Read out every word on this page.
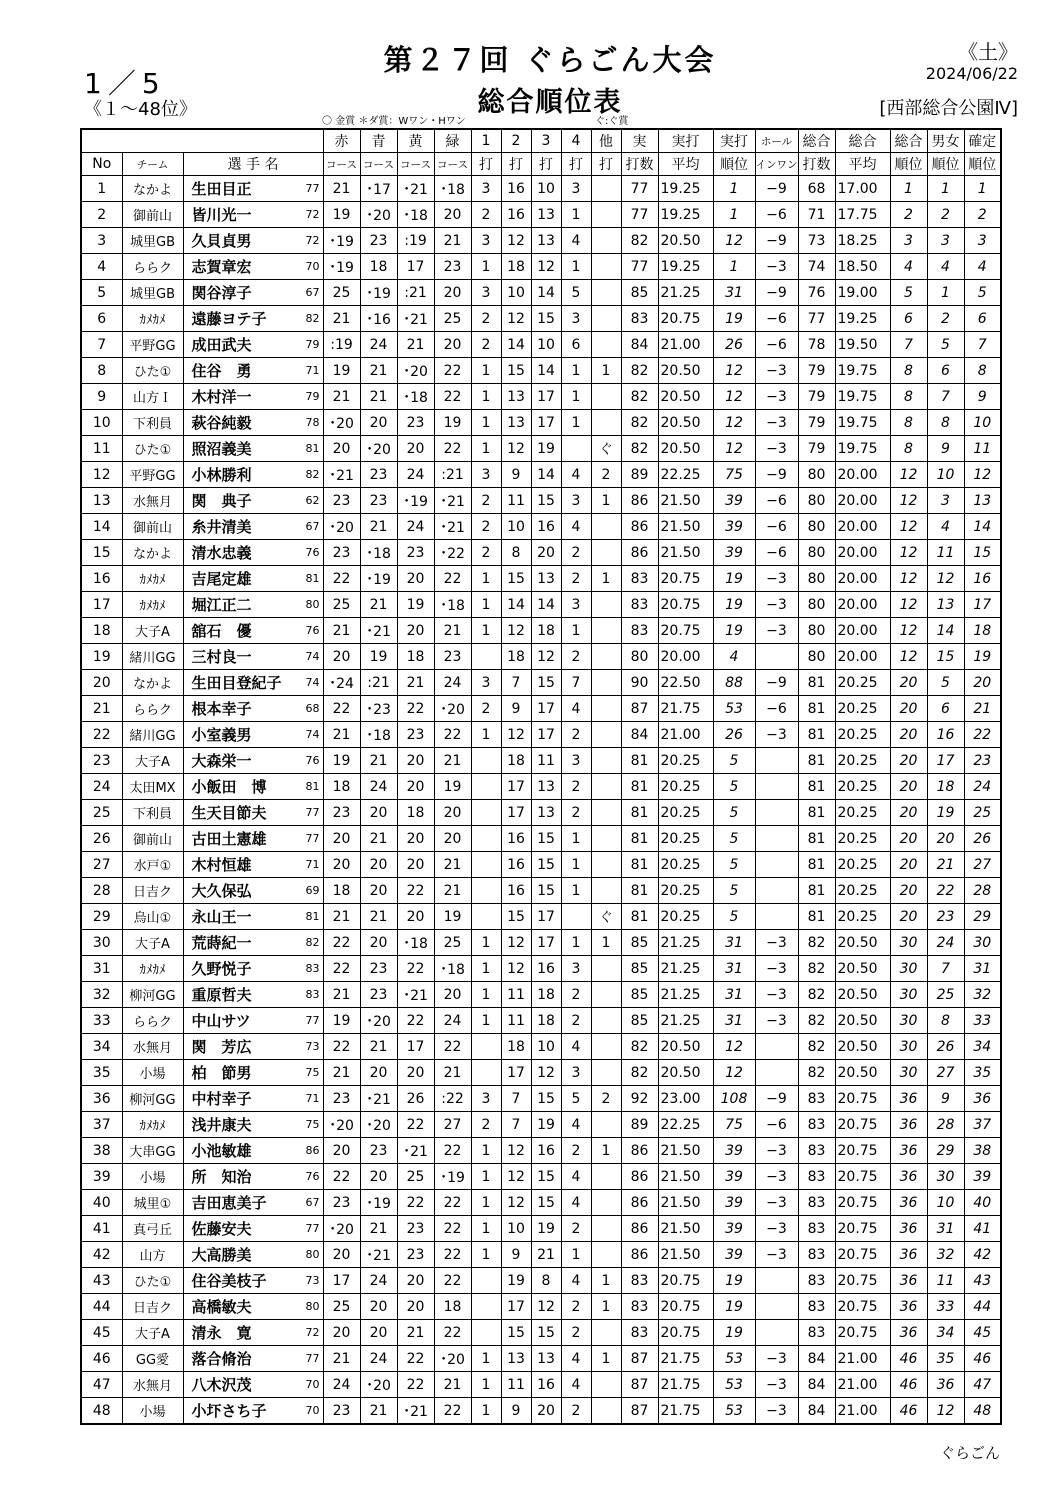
1／5
《１～48位》
第２７回 ぐらごん大会
総合順位表
《土》
2024/06/22
[西部総合公園Ⅳ]
〇 金賞 ＊ダ賞：Wワン・Hワン	ぐ:ぐ賞
				赤	青	黄	緑	1	2	3	4	他	実	実打	実打	ホール	総合	総合	総合	男女	確定
No	チーム	選 手 名		コース	コース	コース	コース	打	打	打	打	打	打数	平均	順位	インワン	打数	平均	順位	順位	順位
1	なかよ	生田目正	77	21	･17	･21	･18	3	16	10	3		77	19.25	1	−9	68	17.00	1	1	1
2	御前山	皆川光一	72	19	･20	･18	20	2	16	13	1		77	19.25	1	−6	71	17.75	2	2	2
3	城里GB	久貝貞男	72	･19	23	:19	21	3	12	13	4		82	20.50	12	−9	73	18.25	3	3	3
4	ららク	志賀章宏	70	･19	18	17	23	1	18	12	1		77	19.25	1	−3	74	18.50	4	4	4
5	城里GB	関谷淳子	67	25	･19	:21	20	3	10	14	5		85	21.25	31	−9	76	19.00	5	1	5
6	ｶﾒｶﾒ	遠藤ヨテ子	82	21	･16	･21	25	2	12	15	3		83	20.75	19	−6	77	19.25	6	2	6
7	平野GG	成田武夫	79	:19	24	21	20	2	14	10	6		84	21.00	26	−6	78	19.50	7	5	7
8	ひた①	住谷　勇	71	19	21	･20	22	1	15	14	1	1	82	20.50	12	−3	79	19.75	8	6	8
9	山方Ｉ	木村洋一	79	21	21	･18	22	1	13	17	1		82	20.50	12	−3	79	19.75	8	7	9
10	下利員	萩谷純毅	78	･20	20	23	19	1	13	17	1		82	20.50	12	−3	79	19.75	8	8	10
11	ひた①	照沼義美	81	20	･20	20	22	1	12	19		ぐ	82	20.50	12	−3	79	19.75	8	9	11
12	平野GG	小林勝利	82	･21	23	24	:21	3	9	14	4	2	89	22.25	75	−9	80	20.00	12	10	12
13	水無月	関　典子	62	23	23	･19	･21	2	11	15	3	1	86	21.50	39	−6	80	20.00	12	3	13
14	御前山	糸井清美	67	･20	21	24	･21	2	10	16	4		86	21.50	39	−6	80	20.00	12	4	14
15	なかよ	清水忠義	76	23	･18	23	･22	2	8	20	2		86	21.50	39	−6	80	20.00	12	11	15
16	ｶﾒｶﾒ	吉尾定雄	81	22	･19	20	22	1	15	13	2	1	83	20.75	19	−3	80	20.00	12	12	16
17	ｶﾒｶﾒ	堀江正二	80	25	21	19	･18	1	14	14	3		83	20.75	19	−3	80	20.00	12	13	17
18	大子A	舘石　優	76	21	･21	20	21	1	12	18	1		83	20.75	19	−3	80	20.00	12	14	18
19	緒川GG	三村良一	74	20	19	18	23		18	12	2		80	20.00	4		80	20.00	12	15	19
20	なかよ	生田目登紀子	74	･24	:21	21	24	3	7	15	7		90	22.50	88	−9	81	20.25	20	5	20
21	ららク	根本幸子	68	22	･23	22	･20	2	9	17	4		87	21.75	53	−6	81	20.25	20	6	21
22	緒川GG	小室義男	74	21	･18	23	22	1	12	17	2		84	21.00	26	−3	81	20.25	20	16	22
23	大子A	大森栄一	76	19	21	20	21		18	11	3		81	20.25	5		81	20.25	20	17	23
24	太田MX	小飯田　博	81	18	24	20	19		17	13	2		81	20.25	5		81	20.25	20	18	24
25	下利員	生天目節夫	77	23	20	18	20		17	13	2		81	20.25	5		81	20.25	20	19	25
26	御前山	古田土憲雄	77	20	21	20	20		16	15	1		81	20.25	5		81	20.25	20	20	26
27	水戸①	木村恒雄	71	20	20	20	21		16	15	1		81	20.25	5		81	20.25	20	21	27
28	日吉ク	大久保弘	69	18	20	22	21		16	15	1		81	20.25	5		81	20.25	20	22	28
29	烏山①	永山王一	81	21	21	20	19		15	17		ぐ	81	20.25	5		81	20.25	20	23	29
30	大子A	荒蒔紀一	82	22	20	･18	25	1	12	17	1	1	85	21.25	31	−3	82	20.50	30	24	30
31	ｶﾒｶﾒ	久野悦子	83	22	23	22	･18	1	12	16	3		85	21.25	31	−3	82	20.50	30	7	31
32	柳河GG	重原哲夫	83	21	23	･21	20	1	11	18	2		85	21.25	31	−3	82	20.50	30	25	32
33	ららク	中山サツ	77	19	･20	22	24	1	11	18	2		85	21.25	31	−3	82	20.50	30	8	33
34	水無月	関　芳広	73	22	21	17	22		18	10	4		82	20.50	12		82	20.50	30	26	34
35	小場	柏　節男	75	21	20	20	21		17	12	3		82	20.50	12		82	20.50	30	27	35
36	柳河GG	中村幸子	71	23	･21	26	:22	3	7	15	5	2	92	23.00	108	−9	83	20.75	36	9	36
37	ｶﾒｶﾒ	浅井康夫	75	･20	･20	22	27	2	7	19	4		89	22.25	75	−6	83	20.75	36	28	37
38	大串GG	小池敏雄	86	20	23	･21	22	1	12	16	2	1	86	21.50	39	−3	83	20.75	36	29	38
39	小場	所　知治	76	22	20	25	･19	1	12	15	4		86	21.50	39	−3	83	20.75	36	30	39
40	城里①	吉田恵美子	67	23	･19	22	22	1	12	15	4		86	21.50	39	−3	83	20.75	36	10	40
41	真弓丘	佐藤安夫	77	･20	21	23	22	1	10	19	2		86	21.50	39	−3	83	20.75	36	31	41
42	山方	大高勝美	80	20	･21	23	22	1	9	21	1		86	21.50	39	−3	83	20.75	36	32	42
43	ひた①	住谷美枝子	73	17	24	20	22		19	8	4	1	83	20.75	19		83	20.75	36	11	43
44	日吉ク	高橋敏夫	80	25	20	20	18		17	12	2	1	83	20.75	19		83	20.75	36	33	44
45	大子A	清永　寛	72	20	20	21	22		15	15	2		83	20.75	19		83	20.75	36	34	45
46	GG愛	落合脩治	77	21	24	22	･20	1	13	13	4	1	87	21.75	53	−3	84	21.00	46	35	46
47	水無月	八木沢茂	70	24	･20	22	21	1	11	16	4		87	21.75	53	−3	84	21.00	46	36	47
48	小場	小圷さち子	70	23	21	･21	22	1	9	20	2		87	21.75	53	−3	84	21.00	46	12	48
ぐらごん
